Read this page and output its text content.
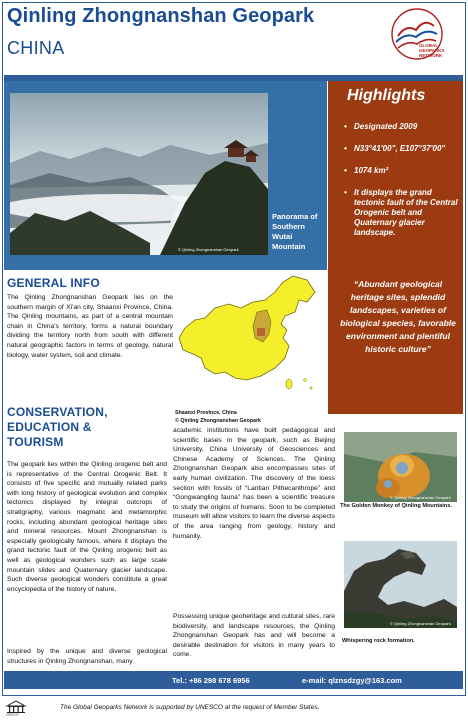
Qinling Zhongnanshan Geopark
CHINA	GLOBAL
GEOPARKS
NETWORK
© Qinling Zhongnanshan Geopark
Panorama of Southern Wutai Mountain
Highlights
• Designated 2009
• N33°41'00", E107°37'00"
• 1074 km²
• It displays the grand tectonic fault of the Central Orogenic belt and Quaternary glacier landscape.
“Abundant geological heritage sites, splendid landscapes, varieties of biological species, favorable environment and plentiful historic culture”
GENERAL INFO
The Qinling Zhongnanshan Geopark lies on the southern margin of Xi'an city, Shaanxi Province, China. The Qinling mountains, as part of a central mountain chain in China's territory, forms a natural boundary dividing the territory north from south with different natural geographic factors in terms of geology, natural biology, water system, soil and climate.
Shaanxi Province, China
© Qinling Zhongnanshan Geopark
CONSERVATION,
EDUCATION &
TOURISM
The geopark lies within the Qinling orogenic belt and is representative of the Central Orogenic Belt. It consists of five specific and mutually related parks with long history of geological evolution and complex tectonics displayed by integral outcrops of stratigraphy, various magmatic and metamorphic rocks, including abundant geological heritage sites and mineral resources. Mount Zhongnanshan is especially geologically famous, where it displays the grand tectonic fault of the Qinling orogenic belt as well as geological wonders such as large scale mountain slides and Quaternary glacier landscape. Such diverse geological wonders constitute a great encyclopedia of the history of nature.
Inspired by the unique and diverse geological structures in Qinling Zhongnanshan, many
academic institutions have built pedagogical and scientific bases in the geopark, such as Beijing University, China University of Geosciences and Chinese Academy of Sciences. The Qinling Zhongnanshan Geopark also encompasses sites of early human civilization. The discovery of the loess section with fossils of “Lantian Pithecanthrope” and “Gongwangling fauna” has been a scientific treasure to study the origins of humans. Soon to be completed museum will allow visitors to learn the diverse aspects of the area ranging from geology, history and humanity.
Possessing unique geoheritage and cultural sites, rare biodiversity, and landscape resources, the Qinling Zhongnanshan Geopark has and will become a desirable destination for visitors in many years to come.
© Qinling Zhongnanshan Geopark
The Golden Monkey of Qinling Mountains.
© Qinling Zhongnanshan Geopark
Whispering rock formation.
Tel.: +86 298 678 6956	e-mail: qlznsdzgy@163.com
UNESCO
The Global Geoparks Network is supported by UNESCO at the request of Member States.
